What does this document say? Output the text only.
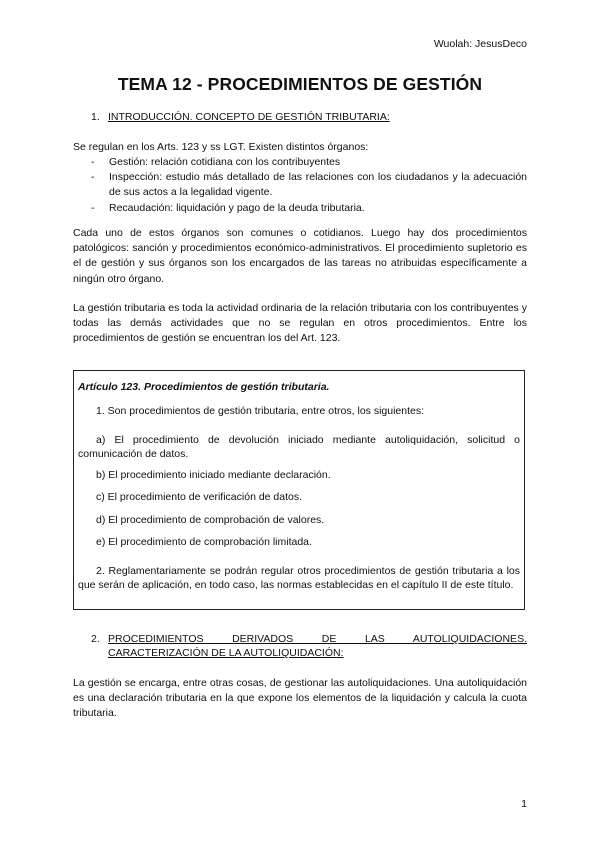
Wuolah: JesusDeco
TEMA 12 - PROCEDIMIENTOS DE GESTIÓN
1. INTRODUCCIÓN. CONCEPTO DE GESTIÓN TRIBUTARIA:

Se regulan en los Arts. 123 y ss LGT. Existen distintos órganos:

- Gestión: relación cotidiana con los contribuyentes
- Inspección: estudio más detallado de las relaciones con los ciudadanos y la adecuación de sus actos a la legalidad vigente.
- Recaudación: liquidación y pago de la deuda tributaria.

Cada uno de estos órganos son comunes o cotidianos. Luego hay dos procedimientos patológicos: sanción y procedimientos económico-administrativos. El procedimiento supletorio es el de gestión y sus órganos son los encargados de las tareas no atribuidas específicamente a ningún otro órgano.

La gestión tributaria es toda la actividad ordinaria de la relación tributaria con los contribuyentes y todas las demás actividades que no se regulan en otros procedimientos. Entre los procedimientos de gestión se encuentran los del Art. 123.

Artículo 123. Procedimientos de gestión tributaria.

1. Son procedimientos de gestión tributaria, entre otros, los siguientes:

a) El procedimiento de devolución iniciado mediante autoliquidación, solicitud o comunicación de datos.

b) El procedimiento iniciado mediante declaración.

c) El procedimiento de verificación de datos.

d) El procedimiento de comprobación de valores.

e) El procedimiento de comprobación limitada.

2. Reglamentariamente se podrán regular otros procedimientos de gestión tributaria a los que serán de aplicación, en todo caso, las normas establecidas en el capítulo II de este título.

2. PROCEDIMIENTOS DERIVADOS DE LAS AUTOLIQUIDACIONES.
CARACTERIZACIÓN DE LA AUTOLIQUIDACIÓN:

La gestión se encarga, entre otras cosas, de gestionar las autoliquidaciones. Una autoliquidación es una declaración tributaria en la que expone los elementos de la liquidación y calcula la cuota tributaria.

1
